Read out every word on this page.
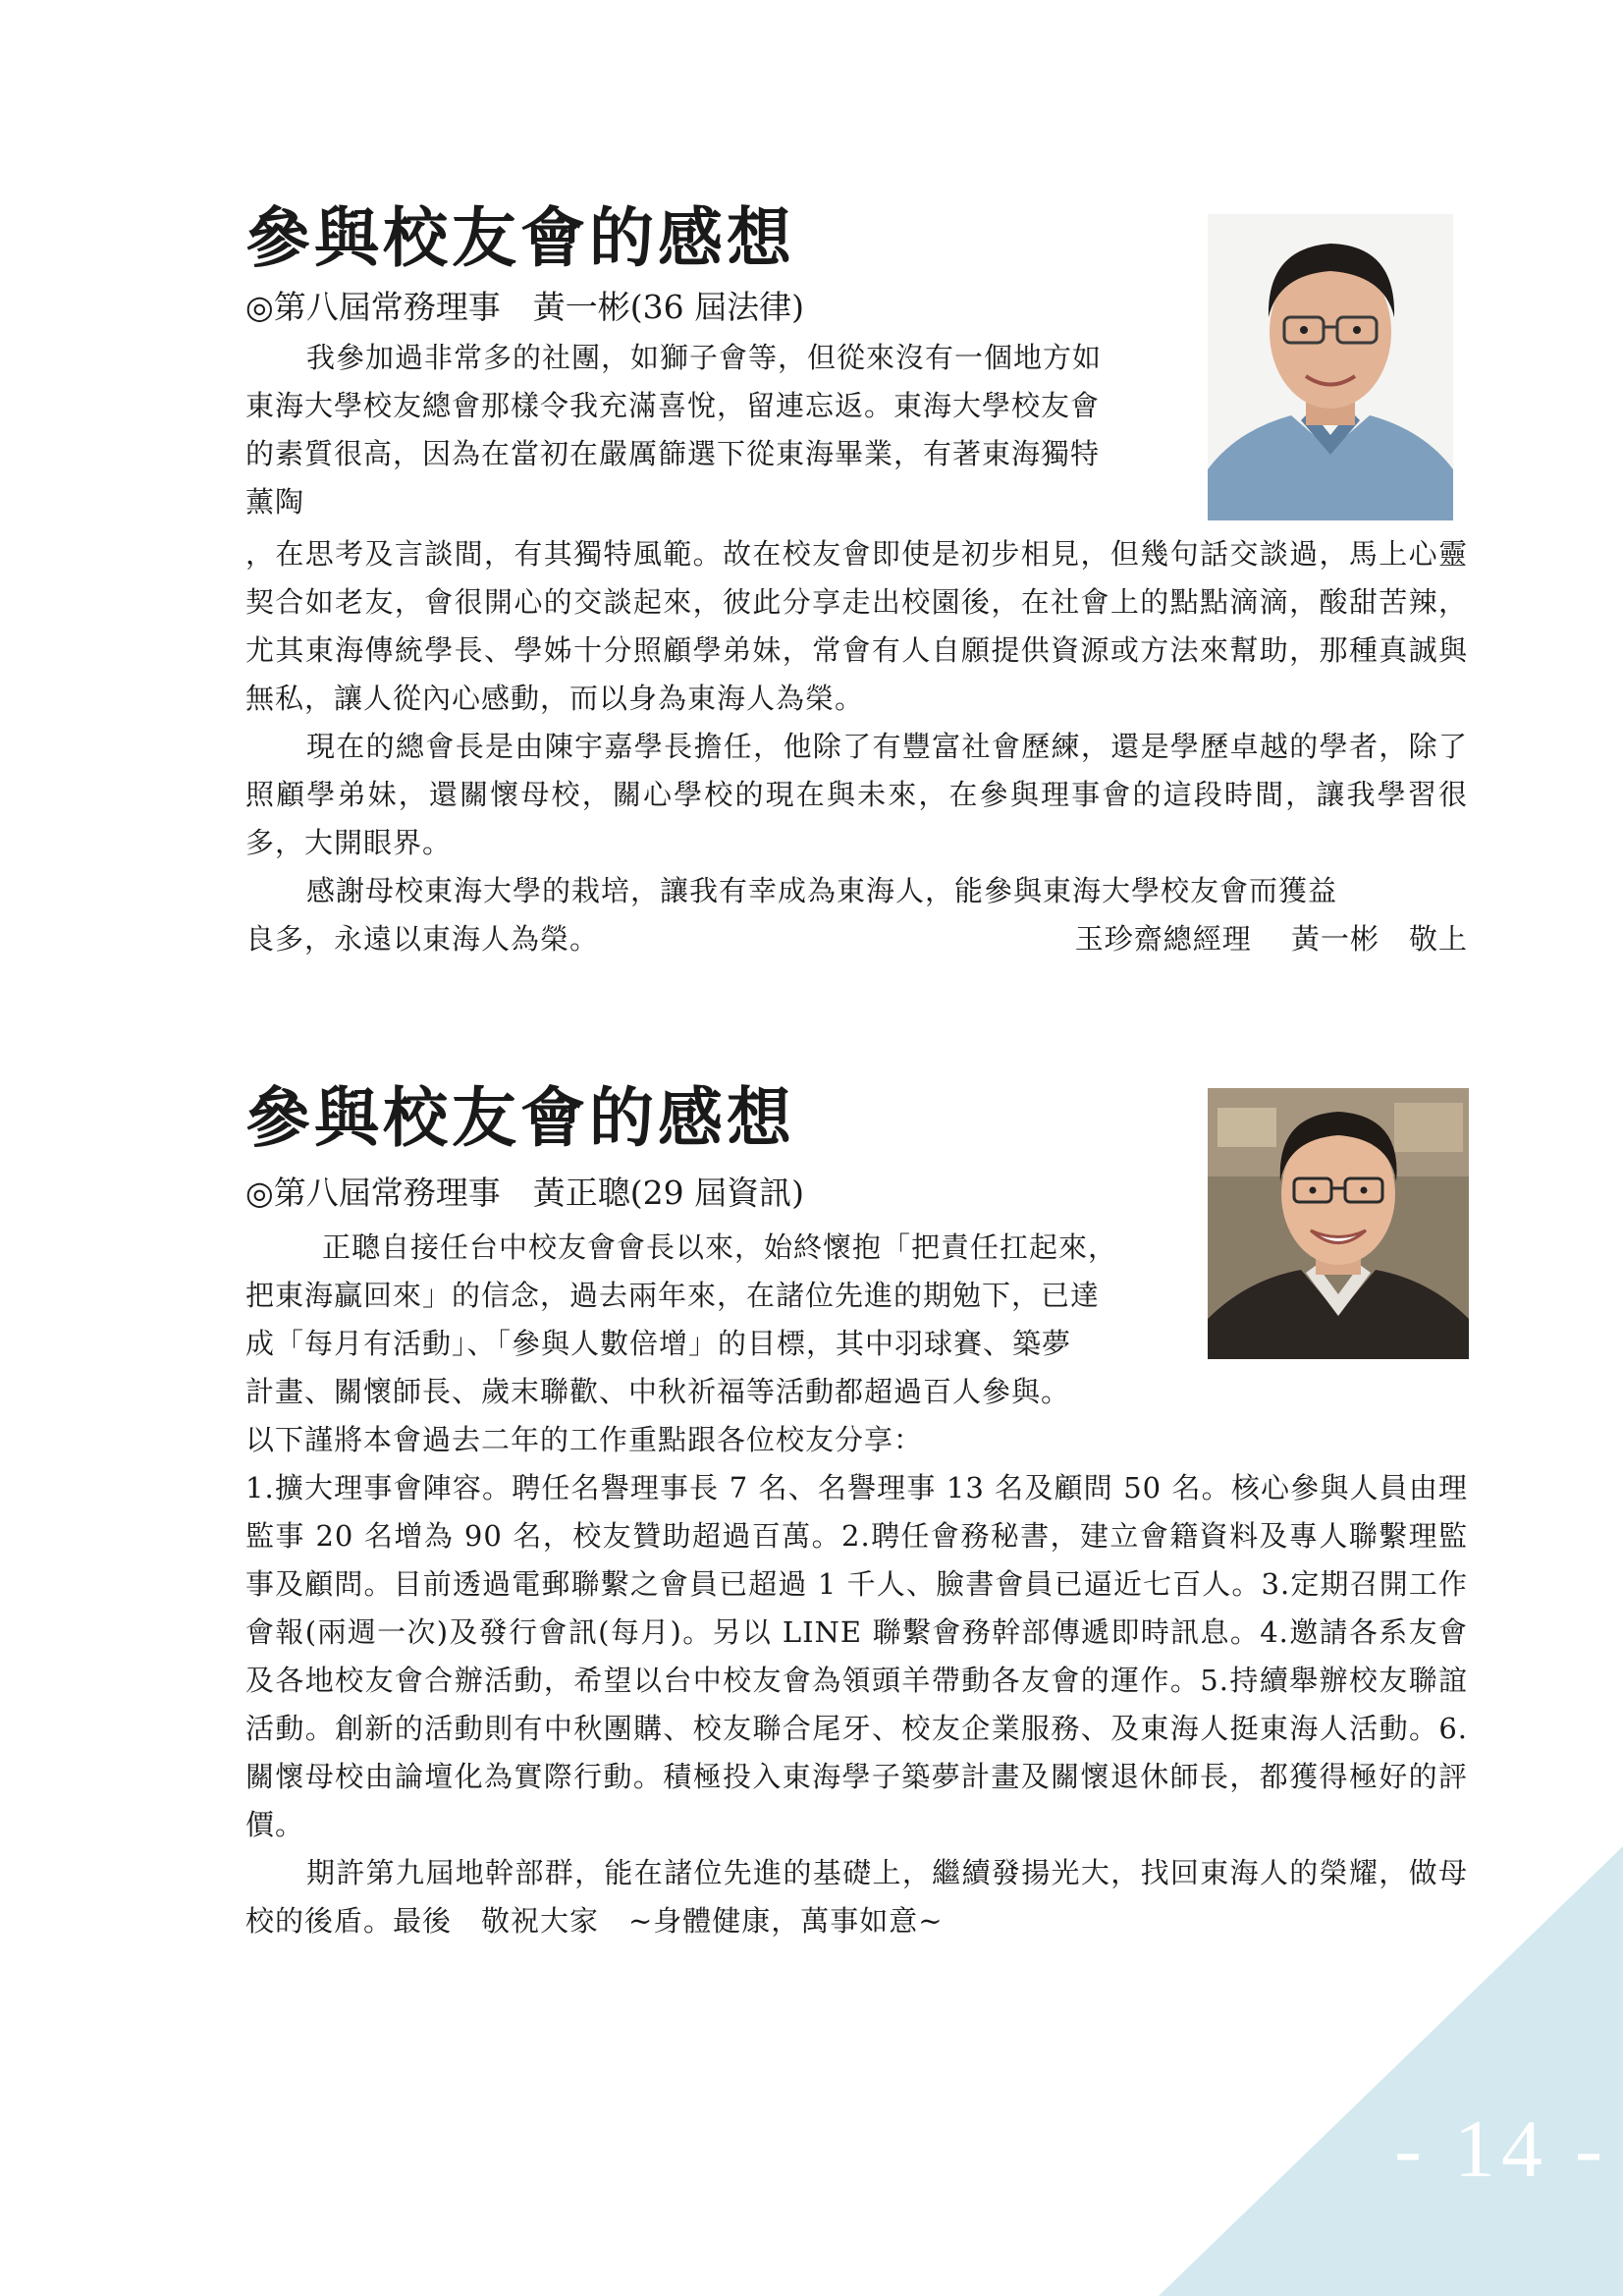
參與校友會的感想
◎第八屆常務理事　黃一彬(36 屆法律)

我參加過非常多的社團，如獅子會等，但從來沒有一個地方如

東海大學校友總會那樣令我充滿喜悅，留連忘返。東海大學校友會

的素質很高，因為在當初在嚴厲篩選下從東海畢業，有著東海獨特

薰陶

，在思考及言談間，有其獨特風範。故在校友會即使是初步相見，但幾句話交談過，馬上心靈契合如老友，會很開心的交談起來，彼此分享走出校園後，在社會上的點點滴滴，酸甜苦辣，尤其東海傳統學長、學姊十分照顧學弟妹，常會有人自願提供資源或方法來幫助，那種真誠與無私，讓人從內心感動，而以身為東海人為榮。

現在的總會長是由陳宇嘉學長擔任，他除了有豐富社會歷練，還是學歷卓越的學者，除了照顧學弟妹，還關懷母校，關心學校的現在與未來，在參與理事會的這段時間，讓我學習很多，大開眼界。

感謝母校東海大學的栽培，讓我有幸成為東海人，能參與東海大學校友會而獲益

良多，永遠以東海人為榮。	玉珍齋總經理　 黃一彬　敬上
參與校友會的感想
◎第八屆常務理事　黃正聰(29 屆資訊)

正聰自接任台中校友會會長以來，始終懷抱「把責任扛起來，

把東海贏回來」的信念，過去兩年來，在諸位先進的期勉下，已達

成「每月有活動」、「參與人數倍增」的目標，其中羽球賽、築夢

計畫、關懷師長、歲末聯歡、中秋祈福等活動都超過百人參與。

以下謹將本會過去二年的工作重點跟各位校友分享：

1.擴大理事會陣容。聘任名譽理事長 7 名、名譽理事 13 名及顧問 50 名。核心參與人員由理監事 20 名增為 90 名，校友贊助超過百萬。2.聘任會務秘書，建立會籍資料及專人聯繫理監事及顧問。目前透過電郵聯繫之會員已超過 1 千人、臉書會員已逼近七百人。3.定期召開工作會報(兩週一次)及發行會訊(每月)。另以 LINE 聯繫會務幹部傳遞即時訊息。4.邀請各系友會及各地校友會合辦活動，希望以台中校友會為領頭羊帶動各友會的運作。5.持續舉辦校友聯誼活動。創新的活動則有中秋團購、校友聯合尾牙、校友企業服務、及東海人挺東海人活動。6.關懷母校由論壇化為實際行動。積極投入東海學子築夢計畫及關懷退休師長，都獲得極好的評價。

期許第九屆地幹部群，能在諸位先進的基礎上，繼續發揚光大，找回東海人的榮耀，做母校的後盾。最後　敬祝大家　~身體健康，萬事如意~

- 14 -
